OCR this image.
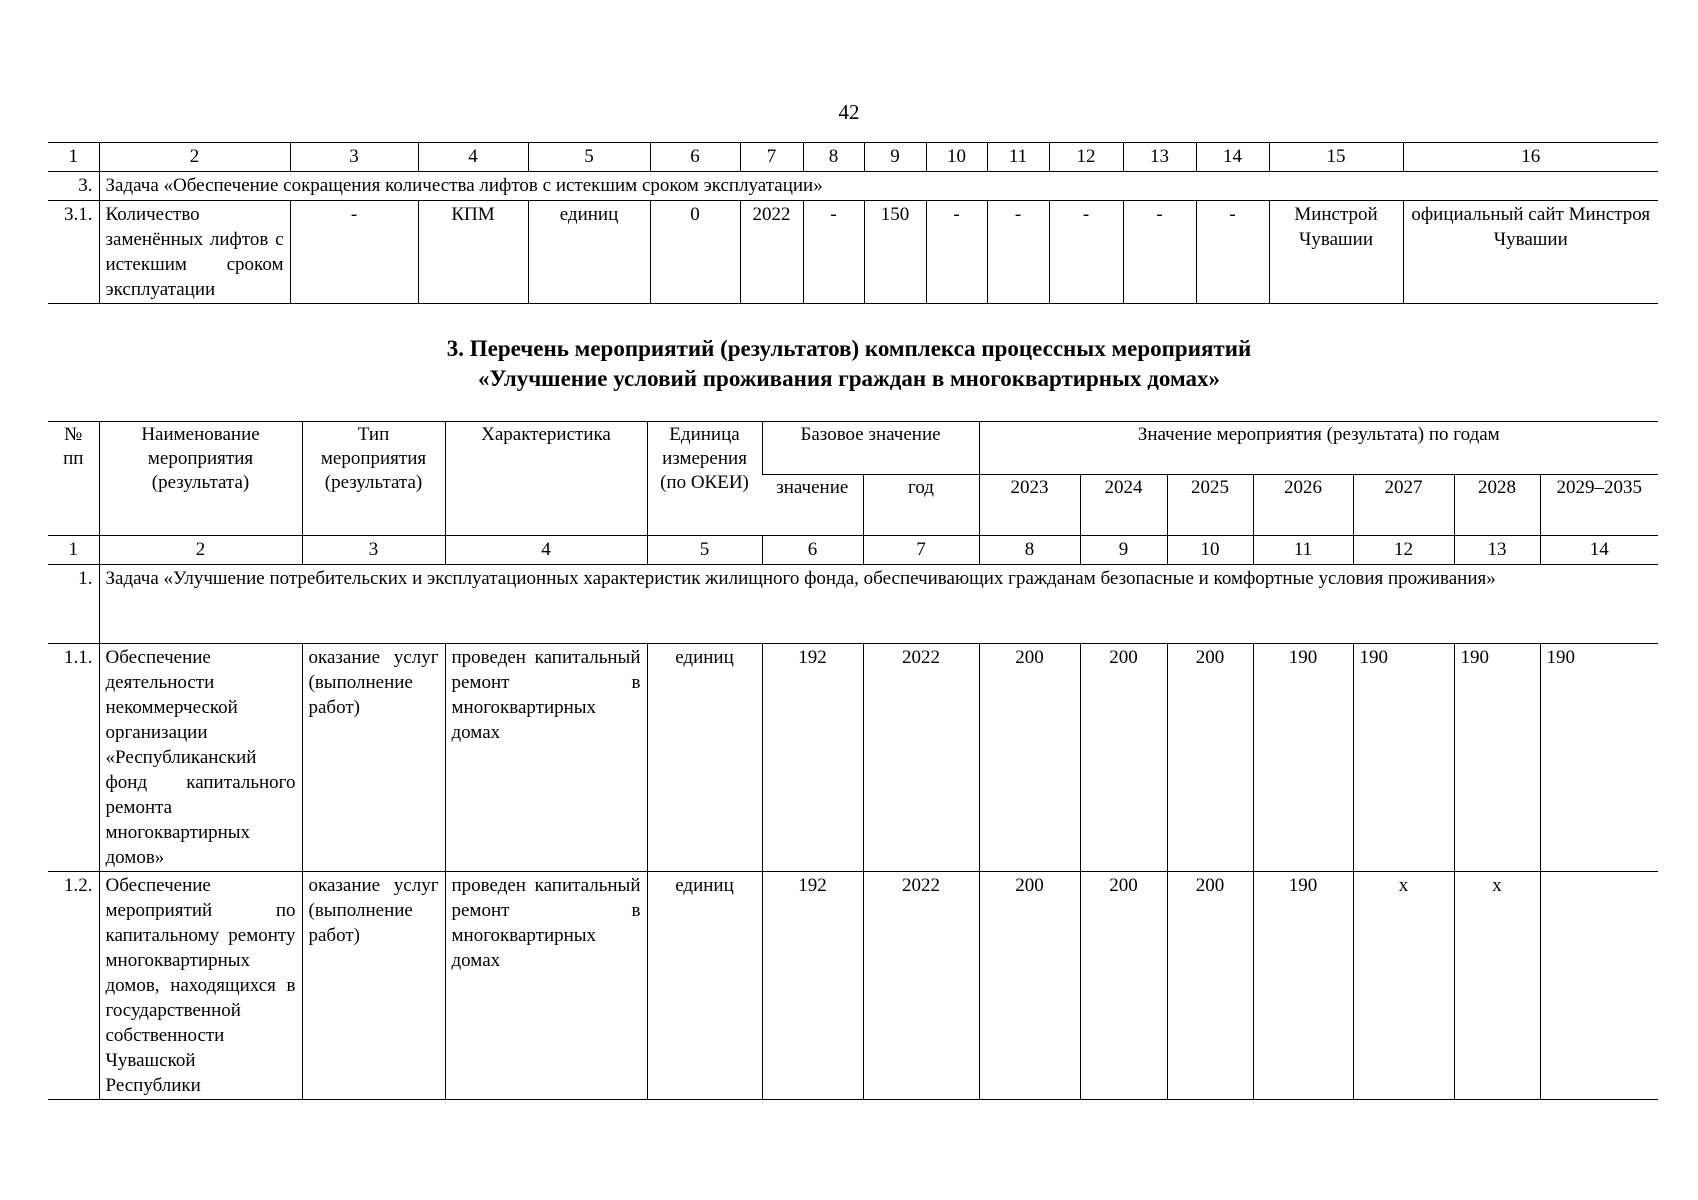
42
1	2	3	4	5	6	7	8	9	10	11	12	13	14	15	16
3.	Задача «Обеспечение сокращения количества лифтов с истекшим сроком эксплуатации»														
3.1.	Количество заменённых лифтов с истекшим сроком эксплуатации	-	КПМ	единиц	0	2022	-	150	-	-	-	-	-	Минстрой Чувашии	официальный сайт Минстроя Чувашии
3. Перечень мероприятий (результатов) комплекса процессных мероприятий
«Улучшение условий проживания граждан в многоквартирных домах»
№ пп	Наименование мероприятия (результата)	Тип мероприятия (результата)	Характеристика	Единица измерения (по ОКЕИ)	Базовое значение		Значение мероприятия (результата) по годам						
					значение	год	2023	2024	2025	2026	2027	2028	2029–2035
1	2	3	4	5	6	7	8	9	10	11	12	13	14
1.	Задача «Улучшение потребительских и эксплуатационных характеристик жилищного фонда, обеспечивающих гражданам безопасные и комфортные условия проживания»												
1.1.	Обеспечение деятельности некоммерческой организации «Республиканский фонд капитального ремонта многоквартирных домов»	оказание услуг (выполнение работ)	проведен капитальный ремонт в многоквартирных домах	единиц	192	2022	200	200	200	190	190	190	190
1.2.	Обеспечение мероприятий по капитальному ремонту многоквартирных домов, находящихся в государственной собственности Чувашской Республики	оказание услуг (выполнение работ)	проведен капитальный ремонт в многоквартирных домах	единиц	192	2022	200	200	200	190	x	x	
